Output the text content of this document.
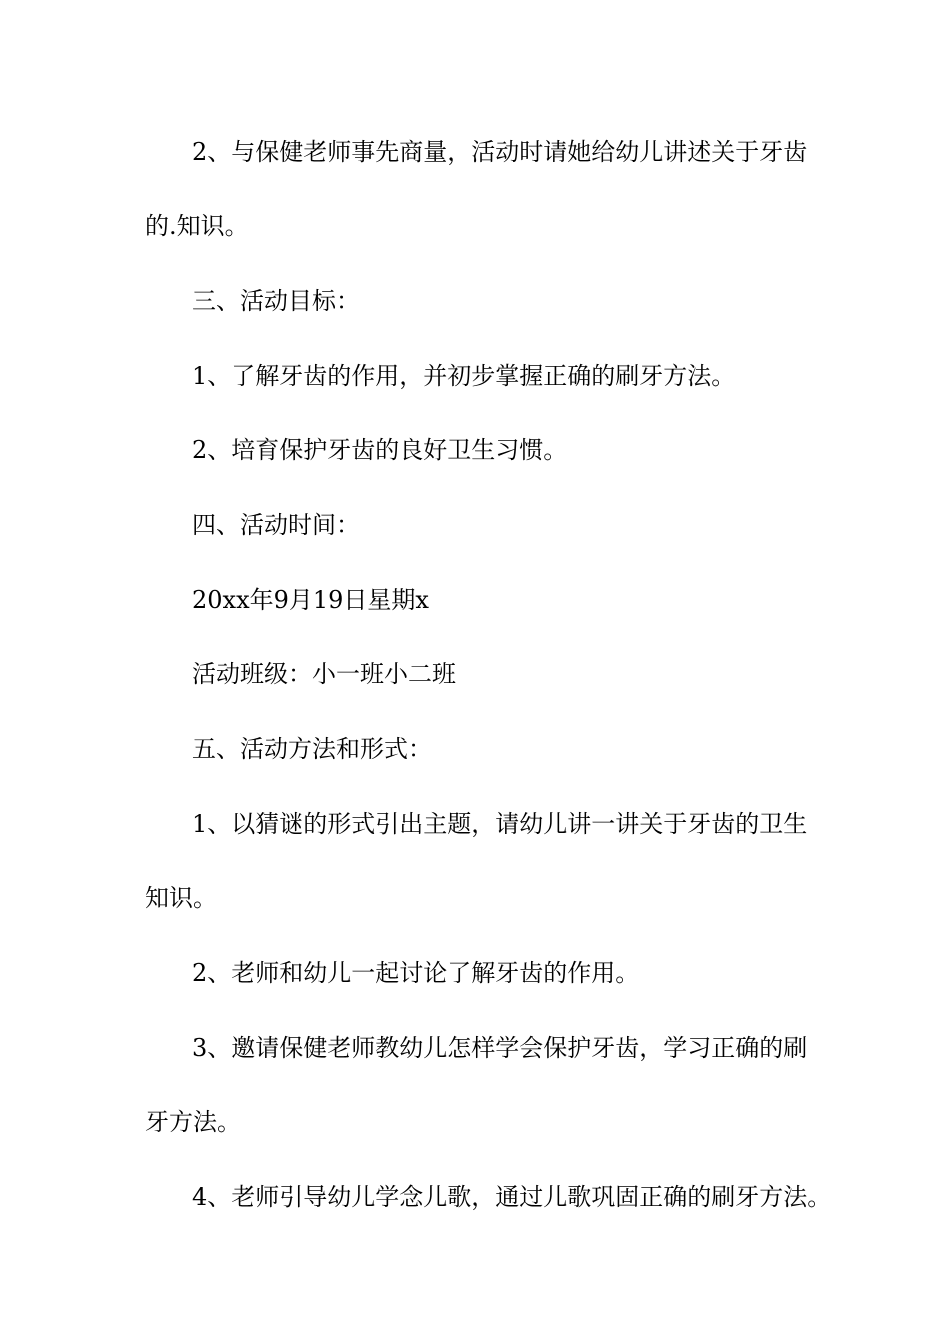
2、与保健老师事先商量，活动时请她给幼儿讲述关于牙齿
的.知识。
三、活动目标：
1、了解牙齿的作用，并初步掌握正确的刷牙方法。
2、培育保护牙齿的良好卫生习惯。
四、活动时间：
20xx年9月19日星期x
活动班级：小一班小二班
五、活动方法和形式：
1、以猜谜的形式引出主题，请幼儿讲一讲关于牙齿的卫生
知识。
2、老师和幼儿一起讨论了解牙齿的作用。
3、邀请保健老师教幼儿怎样学会保护牙齿，学习正确的刷
牙方法。
4、老师引导幼儿学念儿歌，通过儿歌巩固正确的刷牙方法。
